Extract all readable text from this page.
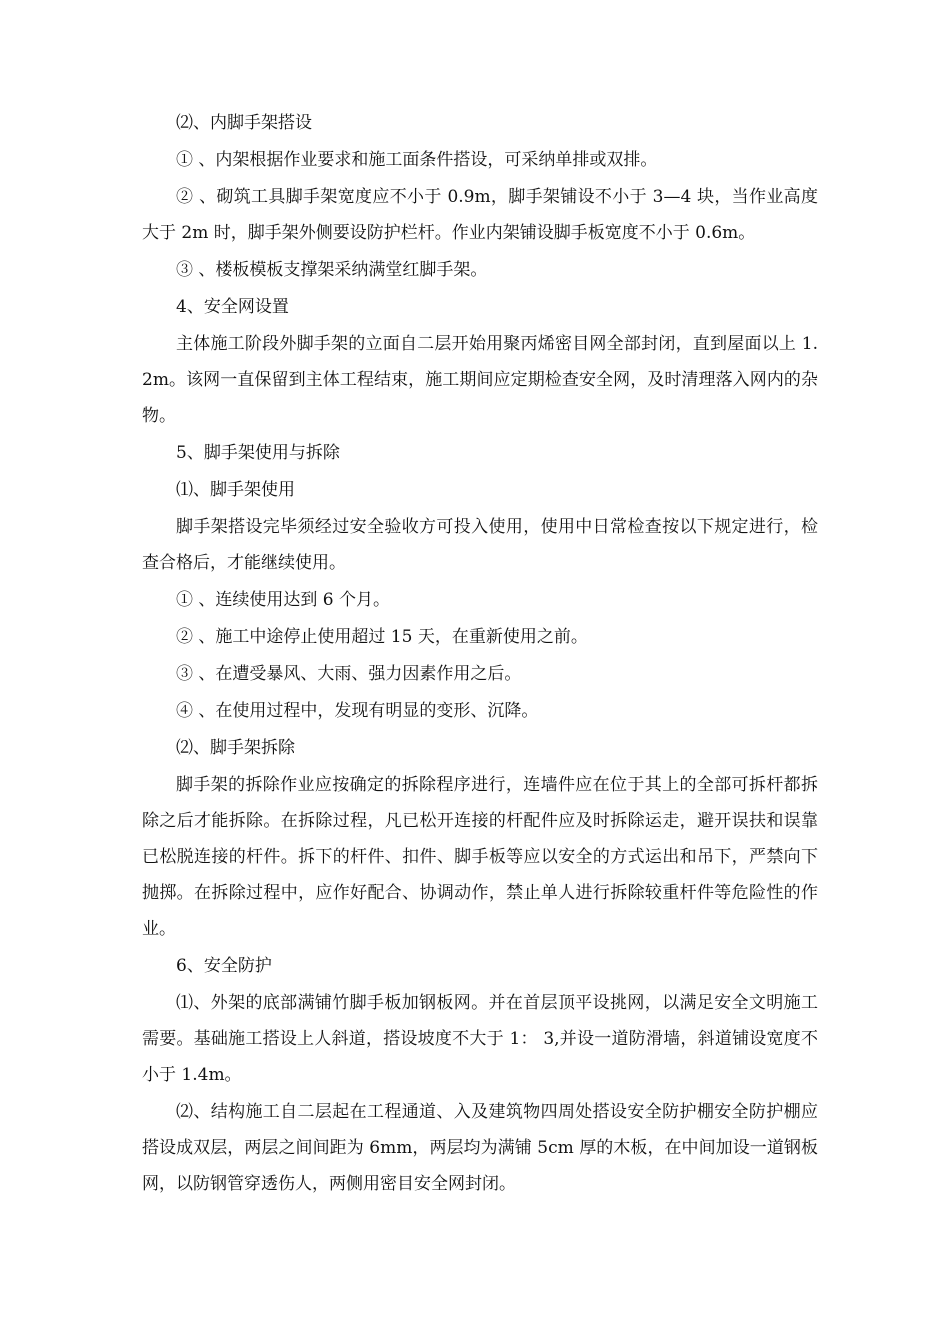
⑵、内脚手架搭设

① 、内架根据作业要求和施工面条件搭设，可采纳单排或双排。

② 、砌筑工具脚手架宽度应不小于 0.9m，脚手架铺设不小于 3—4 块，当作业高度大于 2m 时，脚手架外侧要设防护栏杆。作业内架铺设脚手板宽度不小于 0.6m。

③ 、楼板模板支撑架采纳满堂红脚手架。

4、安全网设置

主体施工阶段外脚手架的立面自二层开始用聚丙烯密目网全部封闭，直到屋面以上 1.2m。该网一直保留到主体工程结束，施工期间应定期检查安全网，及时清理落入网内的杂物。

5、脚手架使用与拆除

⑴、脚手架使用

脚手架搭设完毕须经过安全验收方可投入使用，使用中日常检查按以下规定进行，检查合格后，才能继续使用。

① 、连续使用达到 6 个月。

② 、施工中途停止使用超过 15 天，在重新使用之前。

③ 、在遭受暴风、大雨、强力因素作用之后。

④ 、在使用过程中，发现有明显的变形、沉降。

⑵、脚手架拆除

脚手架的拆除作业应按确定的拆除程序进行，连墙件应在位于其上的全部可拆杆都拆除之后才能拆除。在拆除过程，凡已松开连接的杆配件应及时拆除运走，避开误扶和误靠已松脱连接的杆件。拆下的杆件、扣件、脚手板等应以安全的方式运出和吊下，严禁向下抛掷。在拆除过程中，应作好配合、协调动作，禁止单人进行拆除较重杆件等危险性的作业。

6、安全防护

⑴、外架的底部满铺竹脚手板加钢板网。并在首层顶平设挑网，以满足安全文明施工需要。基础施工搭设上人斜道，搭设坡度不大于 1： 3,并设一道防滑墙，斜道铺设宽度不小于 1.4m。

⑵、结构施工自二层起在工程通道、入及建筑物四周处搭设安全防护棚安全防护棚应搭设成双层，两层之间间距为 6mm，两层均为满铺 5cm 厚的木板，在中间加设一道钢板网，以防钢管穿透伤人，两侧用密目安全网封闭。
